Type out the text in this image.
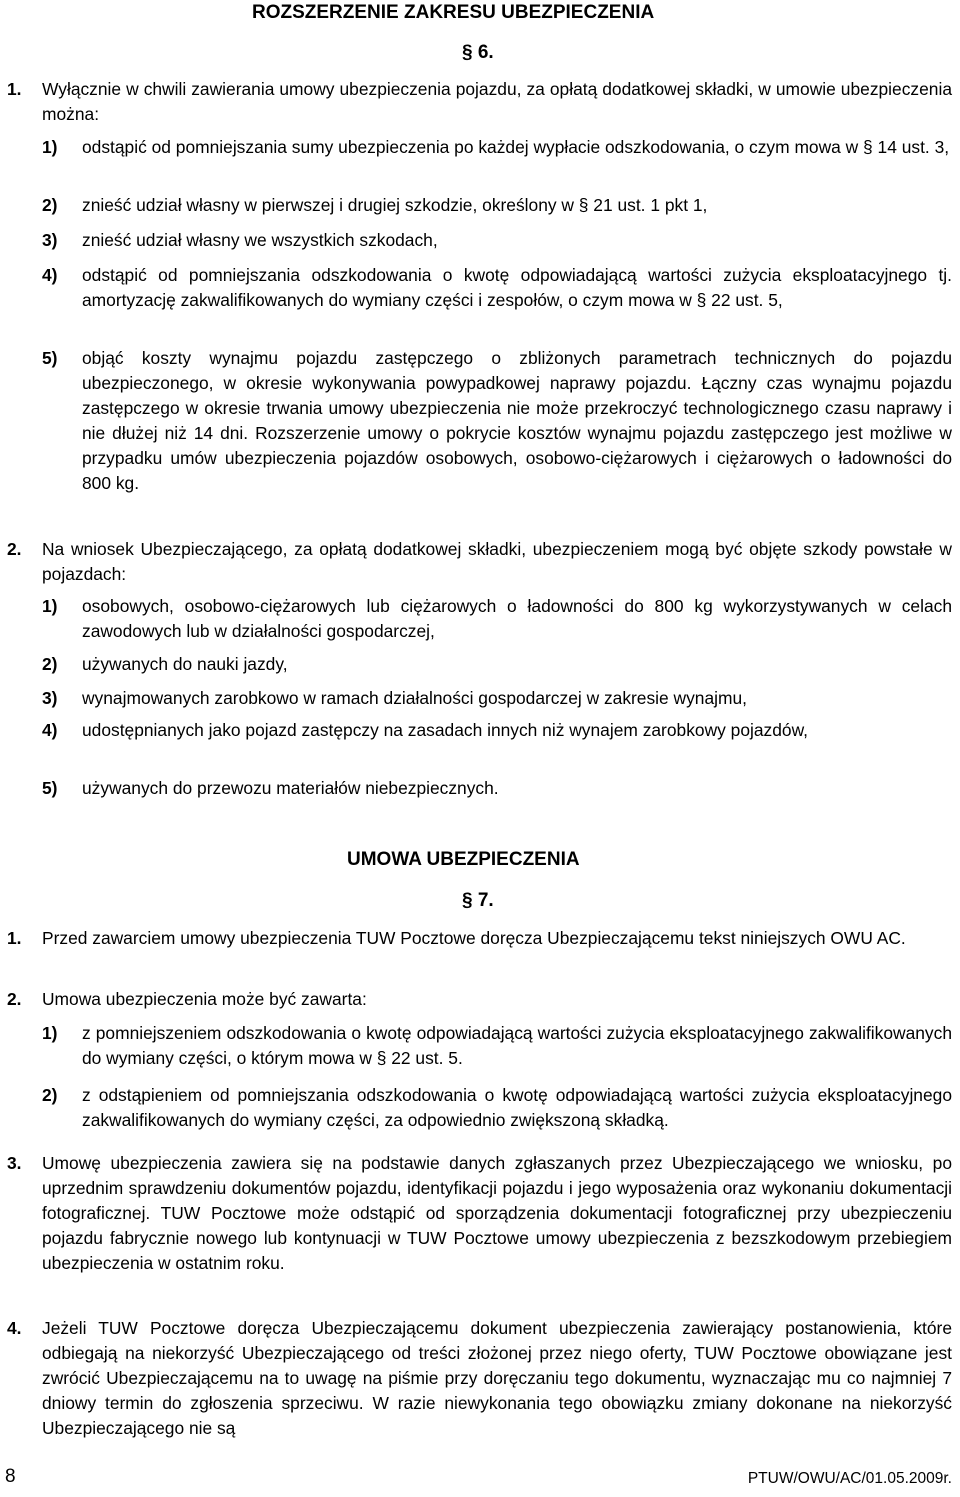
ROZSZERZENIE ZAKRESU UBEZPIECZENIA
§ 6.
1. Wyłącznie w chwili zawierania umowy ubezpieczenia pojazdu, za opłatą dodatkowej składki, w umowie ubezpieczenia można:
1) odstąpić od pomniejszania sumy ubezpieczenia po każdej wypłacie odszkodowania, o czym mowa w § 14 ust. 3,
2) znieść udział własny w pierwszej i drugiej szkodzie, określony w § 21 ust. 1 pkt 1,
3) znieść udział własny we wszystkich szkodach,
4) odstąpić od pomniejszania odszkodowania o kwotę odpowiadającą wartości zużycia eksploatacyjnego tj. amortyzację zakwalifikowanych do wymiany części i zespołów, o czym mowa w § 22 ust. 5,
5) objąć koszty wynajmu pojazdu zastępczego o zbliżonych parametrach technicznych do pojazdu ubezpieczonego, w okresie wykonywania powypadkowej naprawy pojazdu. Łączny czas wynajmu pojazdu zastępczego w okresie trwania umowy ubezpieczenia nie może przekroczyć technologicznego czasu naprawy i nie dłużej niż 14 dni. Rozszerzenie umowy o pokrycie kosztów wynajmu pojazdu zastępczego jest możliwe w przypadku umów ubezpieczenia pojazdów osobowych, osobowo-ciężarowych i ciężarowych o ładowności do 800 kg.
2. Na wniosek Ubezpieczającego, za opłatą dodatkowej składki, ubezpieczeniem mogą być objęte szkody powstałe w pojazdach:
1) osobowych, osobowo-ciężarowych lub ciężarowych o ładowności do 800 kg wykorzystywanych w celach zawodowych lub w działalności gospodarczej,
2) używanych do nauki jazdy,
3) wynajmowanych zarobkowo w ramach działalności gospodarczej w zakresie wynajmu,
4) udostępnianych jako pojazd zastępczy na zasadach innych niż wynajem zarobkowy pojazdów,
5) używanych do przewozu materiałów niebezpiecznych.
UMOWA UBEZPIECZENIA
§ 7.
1. Przed zawarciem umowy ubezpieczenia TUW Pocztowe doręcza Ubezpieczającemu tekst niniejszych OWU AC.
2. Umowa ubezpieczenia może być zawarta:
1) z pomniejszeniem odszkodowania o kwotę odpowiadającą wartości zużycia eksploatacyjnego zakwalifikowanych do wymiany części, o którym mowa w § 22 ust. 5.
2) z odstąpieniem od pomniejszania odszkodowania o kwotę odpowiadającą wartości zużycia eksploatacyjnego zakwalifikowanych do wymiany części, za odpowiednio zwiększoną składką.
3. Umowę ubezpieczenia zawiera się na podstawie danych zgłaszanych przez Ubezpieczającego we wniosku, po uprzednim sprawdzeniu dokumentów pojazdu, identyfikacji pojazdu i jego wyposażenia oraz wykonaniu dokumentacji fotograficznej. TUW Pocztowe może odstąpić od sporządzenia dokumentacji fotograficznej przy ubezpieczeniu pojazdu fabrycznie nowego lub kontynuacji w TUW Pocztowe umowy ubezpieczenia z bezszkodowym przebiegiem ubezpieczenia w ostatnim roku.
4. Jeżeli TUW Pocztowe doręcza Ubezpieczającemu dokument ubezpieczenia zawierający postanowienia, które odbiegają na niekorzyść Ubezpieczającego od treści złożonej przez niego oferty, TUW Pocztowe obowiązane jest zwrócić Ubezpieczającemu na to uwagę na piśmie przy doręczaniu tego dokumentu, wyznaczając mu co najmniej 7 dniowy termin do zgłoszenia sprzeciwu. W razie niewykonania tego obowiązku zmiany dokonane na niekorzyść Ubezpieczającego nie są
8	PTUW/OWU/AC/01.05.2009r.
